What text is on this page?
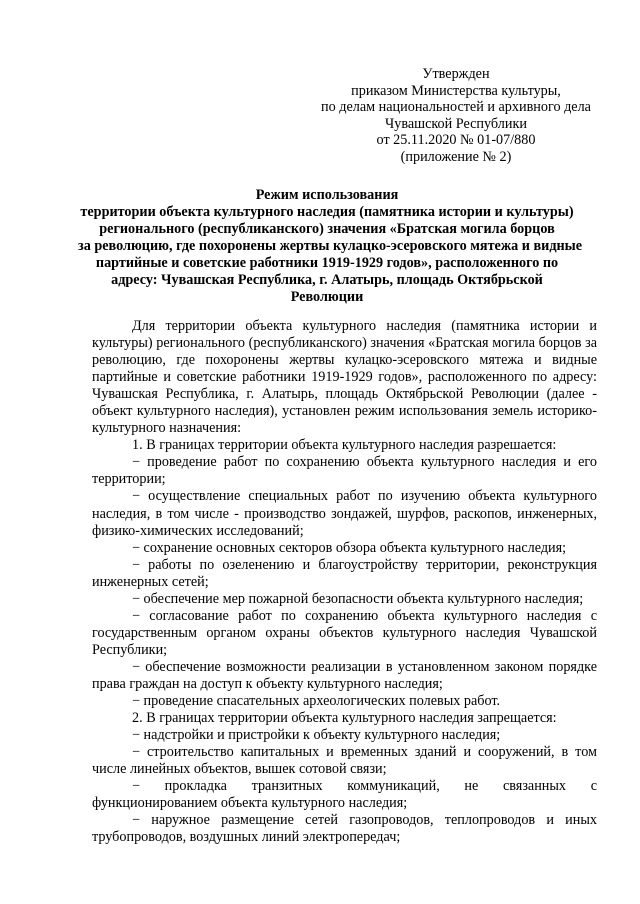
Утвержден
приказом Министерства культуры,
по делам национальностей и архивного дела
Чувашской Республики
от 25.11.2020 № 01-07/880
(приложение № 2)
Режим использования
территории объекта культурного наследия (памятника истории и культуры)
регионального (республиканского) значения «Братская могила борцов
за революцию, где похоронены жертвы кулацко-эсеровского мятежа и видные
партийные и советские работники 1919-1929 годов», расположенного по
адресу: Чувашская Республика, г. Алатырь, площадь Октябрьской
Революции

Для территории объекта культурного наследия (памятника истории и культуры) регионального (республиканского) значения «Братская могила борцов за революцию, где похоронены жертвы кулацко-эсеровского мятежа и видные партийные и советские работники 1919-1929 годов», расположенного по адресу: Чувашская Республика, г. Алатырь, площадь Октябрьской Революции (далее - объект культурного наследия), установлен режим использования земель историко-культурного назначения:

1. В границах территории объекта культурного наследия разрешается:

− проведение работ по сохранению объекта культурного наследия и его территории;

− осуществление специальных работ по изучению объекта культурного наследия, в том числе - производство зондажей, шурфов, раскопов, инженерных, физико-химических исследований;

− сохранение основных секторов обзора объекта культурного наследия;

− работы по озеленению и благоустройству территории, реконструкция инженерных сетей;

− обеспечение мер пожарной безопасности объекта культурного наследия;

− согласование работ по сохранению объекта культурного наследия с государственным органом охраны объектов культурного наследия Чувашской Республики;

− обеспечение возможности реализации в установленном законом порядке права граждан на доступ к объекту культурного наследия;

− проведение спасательных археологических полевых работ.

2. В границах территории объекта культурного наследия запрещается:

− надстройки и пристройки к объекту культурного наследия;

− строительство капитальных и временных зданий и сооружений, в том числе линейных объектов, вышек сотовой связи;

− прокладка транзитных коммуникаций, не связанных с функционированием объекта культурного наследия;

− наружное размещение сетей газопроводов, теплопроводов и иных трубопроводов, воздушных линий электропередач;
